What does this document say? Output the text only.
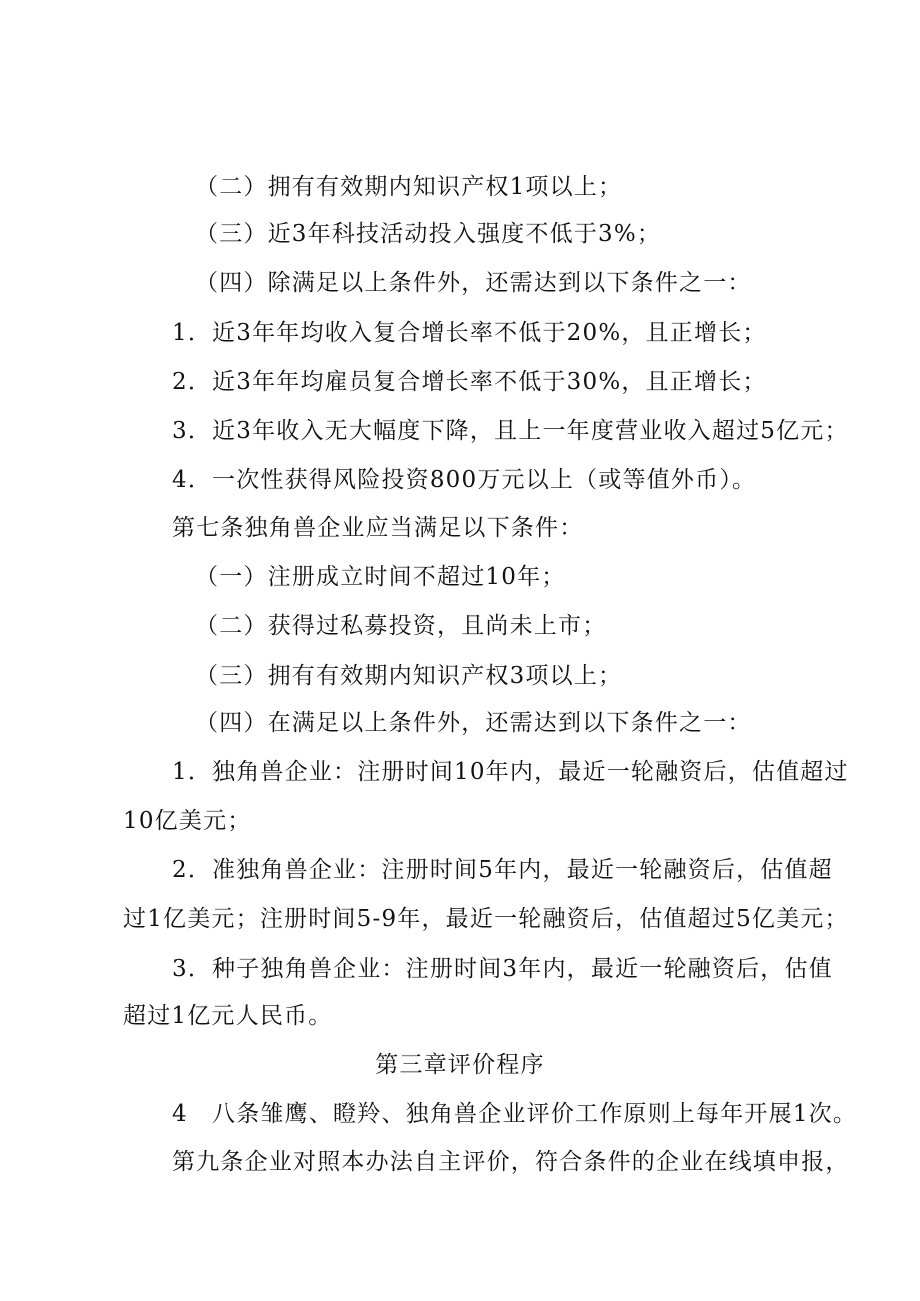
（二）拥有有效期内知识产权1项以上；

（三）近3年科技活动投入强度不低于3%；

（四）除满足以上条件外，还需达到以下条件之一：

1．近3年年均收入复合增长率不低于20%，且正增长；

2．近3年年均雇员复合增长率不低于30%，且正增长；

3．近3年收入无大幅度下降，且上一年度营业收入超过5亿元；

4．一次性获得风险投资800万元以上（或等值外币）。

第七条独角兽企业应当满足以下条件：

（一）注册成立时间不超过10年；

（二）获得过私募投资，且尚未上市；

（三）拥有有效期内知识产权3项以上；

（四）在满足以上条件外，还需达到以下条件之一：

1．独角兽企业：注册时间10年内，最近一轮融资后，估值超过

10亿美元；

2．准独角兽企业：注册时间5年内，最近一轮融资后，估值超

过1亿美元；注册时间5-9年，最近一轮融资后，估值超过5亿美元；

3．种子独角兽企业：注册时间3年内，最近一轮融资后，估值

超过1亿元人民币。

第三章评价程序

4　八条雏鹰、瞪羚、独角兽企业评价工作原则上每年开展1次。

第九条企业对照本办法自主评价，符合条件的企业在线填申报，
